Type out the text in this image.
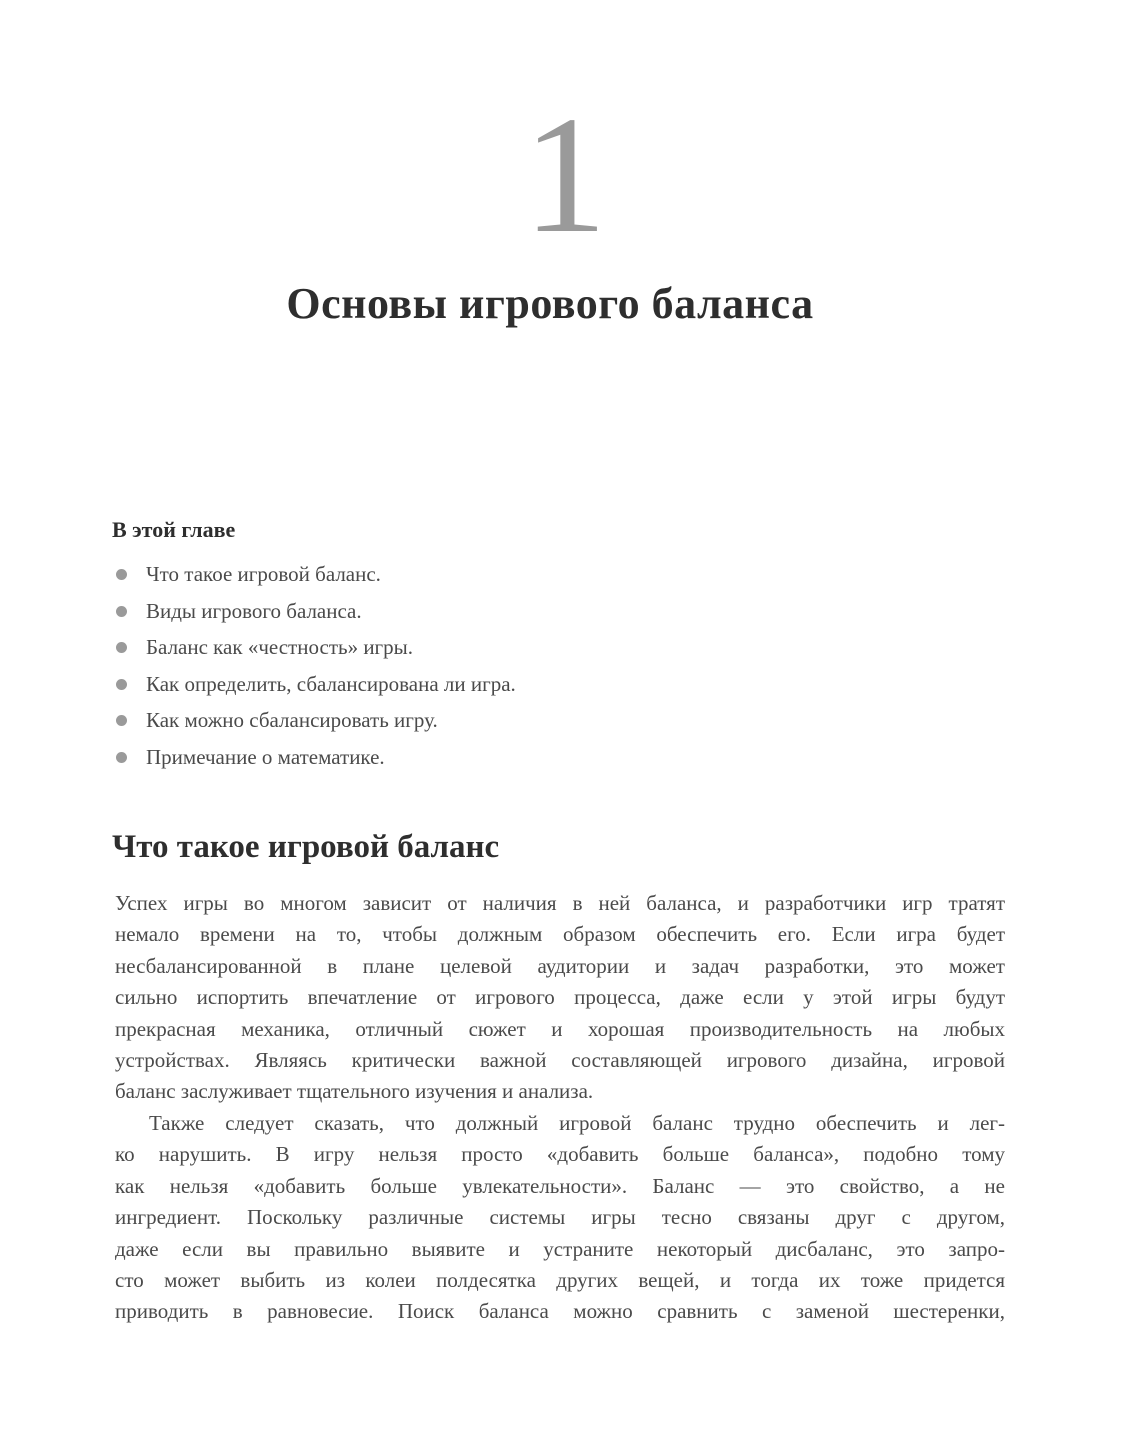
1
Основы игрового баланса
В этой главе
Что такое игровой баланс.
Виды игрового баланса.
Баланс как «честность» игры.
Как определить, сбалансирована ли игра.
Как можно сбалансировать игру.
Примечание о математике.
Что такое игровой баланс

Успех игры во многом зависит от наличия в ней баланса, и разработчики игр тратят
немало времени на то, чтобы должным образом обеспечить его. Если игра будет
несбалансированной в плане целевой аудитории и задач разработки, это может
сильно испортить впечатление от игрового процесса, даже если у этой игры будут
прекрасная механика, отличный сюжет и хорошая производительность на любых
устройствах. Являясь критически важной составляющей игрового дизайна, игровой
баланс заслуживает тщательного изучения и анализа.

Также следует сказать, что должный игровой баланс трудно обеспечить и лег-
ко нарушить. В игру нельзя просто «добавить больше баланса», подобно тому
как нельзя «добавить больше увлекательности». Баланс — это свойство, а не
ингредиент. Поскольку различные системы игры тесно связаны друг с другом,
даже если вы правильно выявите и устраните некоторый дисбаланс, это запро-
сто может выбить из колеи полдесятка других вещей, и тогда их тоже придется
приводить в равновесие. Поиск баланса можно сравнить с заменой шестеренки,
